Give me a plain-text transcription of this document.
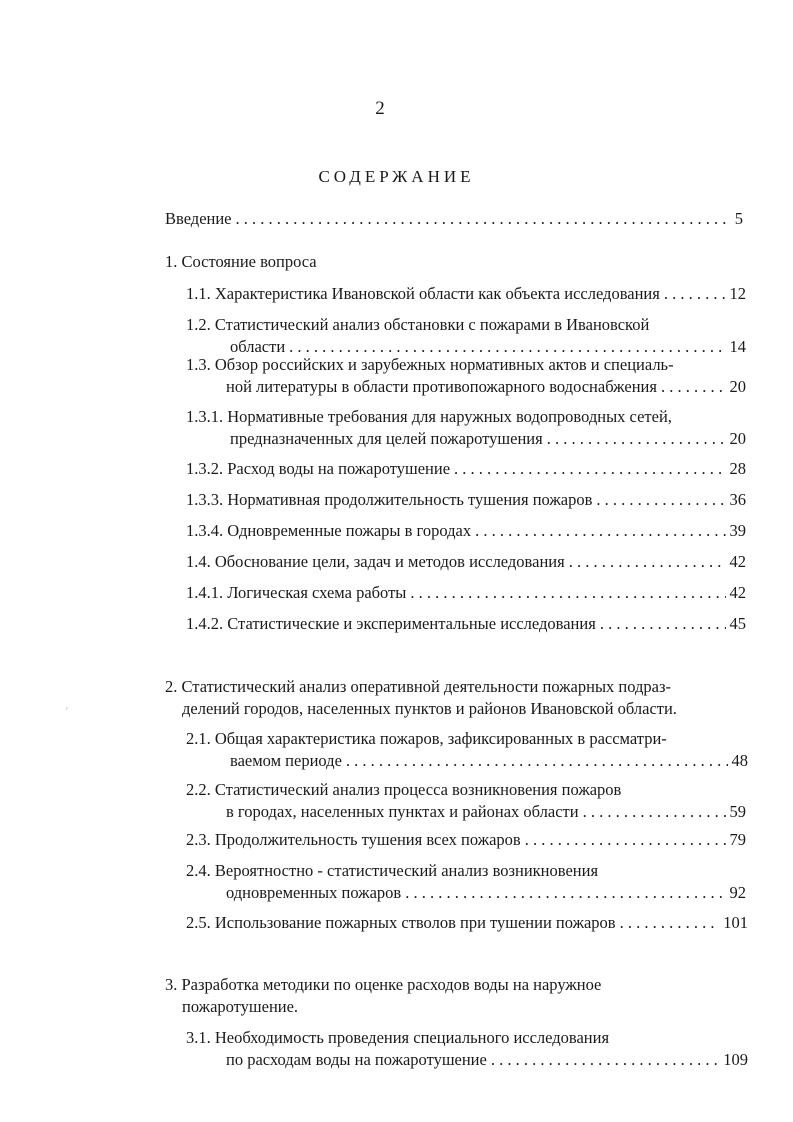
2
СОДЕРЖАНИЕ
′
Введение . . .	5
1. Состояние вопроса
1.1. Характеристика Ивановской области как объекта исследования . . .	12
1.2. Статистический анализ обстановки с пожарами в Ивановской
области . . .	14
1.3. Обзор российских и зарубежных нормативных актов и специаль-
ной литературы в области противопожарного водоснабжения . . .	20
1.3.1. Нормативные требования для наружных водопроводных сетей,
предназначенных для целей пожаротушения . . .	20
1.3.2. Расход воды на пожаротушение . . .	28
1.3.3. Нормативная продолжительность тушения пожаров . . .	36
1.3.4. Одновременные пожары в городах . . .	39
1.4. Обоснование цели, задач и методов исследования . . .	42
1.4.1. Логическая схема работы . . .	42
1.4.2. Статистические и экспериментальные исследования . . .	45
2. Статистический анализ оперативной деятельности пожарных подраз-
делений городов, населенных пунктов и районов Ивановской области.
2.1. Общая характеристика пожаров, зафиксированных в рассматри-
ваемом периоде . . .	48
2.2. Статистический анализ процесса возникновения пожаров
в городах, населенных пунктах и районах области . . .	59
2.3. Продолжительность тушения всех пожаров . . .	79
2.4. Вероятностно - статистический анализ возникновения
одновременных пожаров . . .	92
2.5. Использование пожарных стволов при тушении пожаров . . .	101
3. Разработка методики по оценке расходов воды на наружное
пожаротушение.
3.1. Необходимость проведения специального исследования
по расходам воды на пожаротушение . . .	109
